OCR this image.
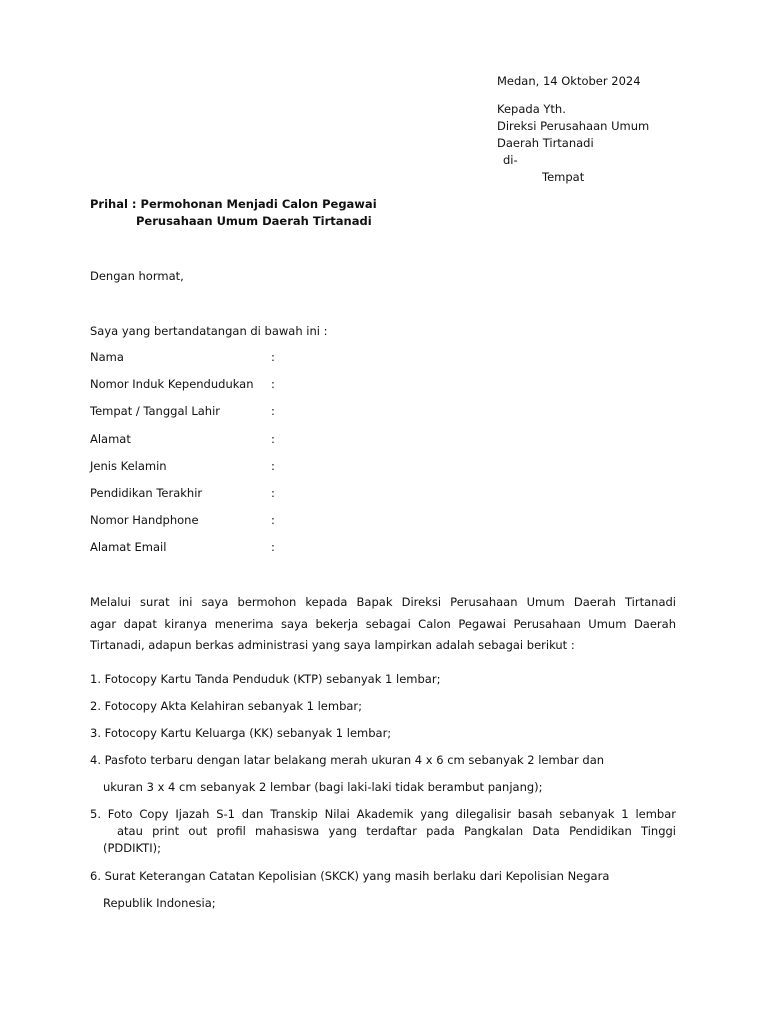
Medan, 14 Oktober 2024
Kepada Yth.
Direksi Perusahaan Umum
Daerah Tirtanadi
di-
Tempat
Prihal : Permohonan Menjadi Calon Pegawai
Perusahaan Umum Daerah Tirtanadi
Dengan hormat,
Saya yang bertandatangan di bawah ini :
Nama	:
Nomor Induk Kependudukan :
Tempat / Tanggal Lahir	:
Alamat	:
Jenis Kelamin	:
Pendidikan Terakhir	:
Nomor Handphone	:
Alamat Email	:
Melalui surat ini saya bermohon kepada Bapak Direksi Perusahaan Umum Daerah Tirtanadi
agar dapat kiranya menerima saya bekerja sebagai Calon Pegawai Perusahaan Umum Daerah
Tirtanadi, adapun berkas administrasi yang saya lampirkan adalah sebagai berikut :
1. Fotocopy Kartu Tanda Penduduk (KTP) sebanyak 1 lembar;
2. Fotocopy Akta Kelahiran sebanyak 1 lembar;
3. Fotocopy Kartu Keluarga (KK) sebanyak 1 lembar;
4. Pasfoto terbaru dengan latar belakang merah ukuran 4 x 6 cm sebanyak 2 lembar dan
ukuran 3 x 4 cm sebanyak 2 lembar (bagi laki-laki tidak berambut panjang);
5. Foto Copy Ijazah S-1 dan Transkip Nilai Akademik yang dilegalisir basah sebanyak 1 lembar
atau print out profil mahasiswa yang terdaftar pada Pangkalan Data Pendidikan Tinggi
(PDDIKTI);
6. Surat Keterangan Catatan Kepolisian (SKCK) yang masih berlaku dari Kepolisian Negara
Republik Indonesia;
